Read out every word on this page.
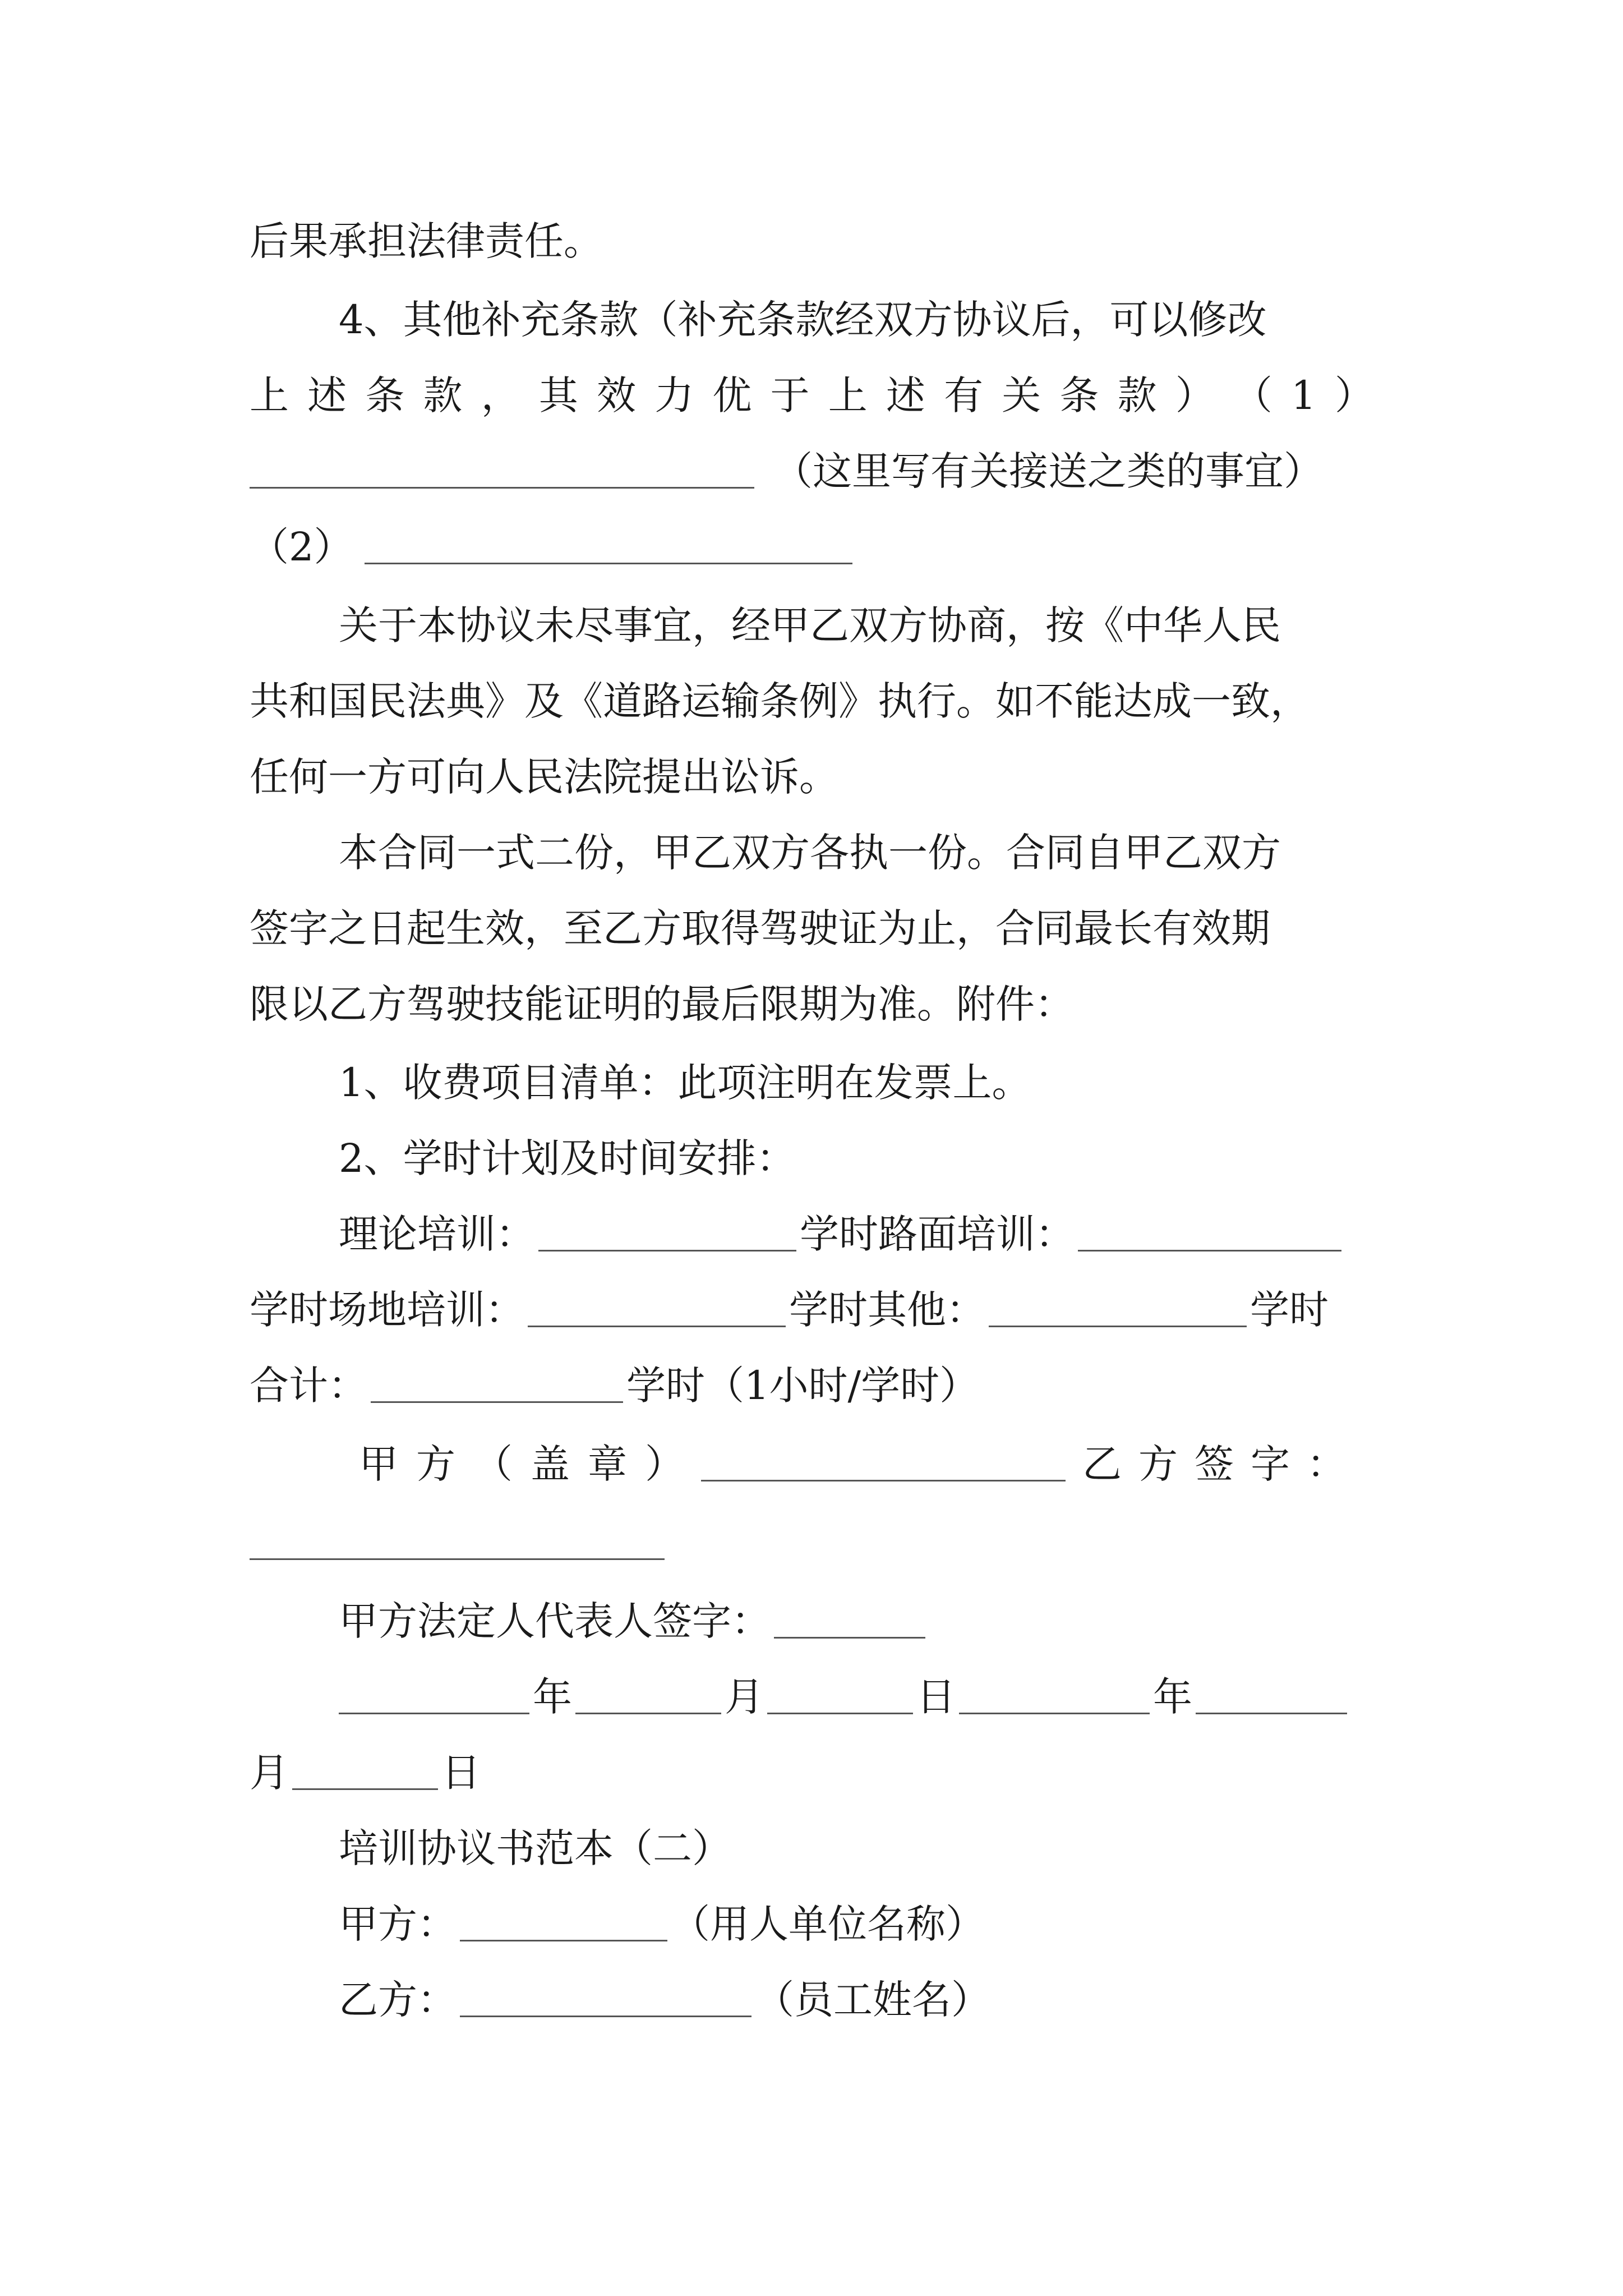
后果承担法律责任。
4、其他补充条款（补充条款经双方协议后，可以修改
上 述 条 款 ， 其 效 力 优 于 上 述 有 关 条 款 ） （ 1 ）
（这里写有关接送之类的事宜）
（2）
关于本协议未尽事宜，经甲乙双方协商，按《中华人民
共和国民法典》及《道路运输条例》执行。如不能达成一致，
任何一方可向人民法院提出讼诉。
本合同一式二份，甲乙双方各执一份。合同自甲乙双方
签字之日起生效，至乙方取得驾驶证为止，合同最长有效期
限以乙方驾驶技能证明的最后限期为准。附件：
1、收费项目清单：此项注明在发票上。
2、学时计划及时间安排：
理论培训：	学时路面培训：
学时场地培训：	学时其他：	学时
合计：	学时（1小时/学时）
甲 方 （ 盖 章 ）	乙 方 签 字 ：
甲方法定人代表人签字：
年	月	日	年
月	日
培训协议书范本（二）
甲方：	（用人单位名称）
乙方：	（员工姓名）
